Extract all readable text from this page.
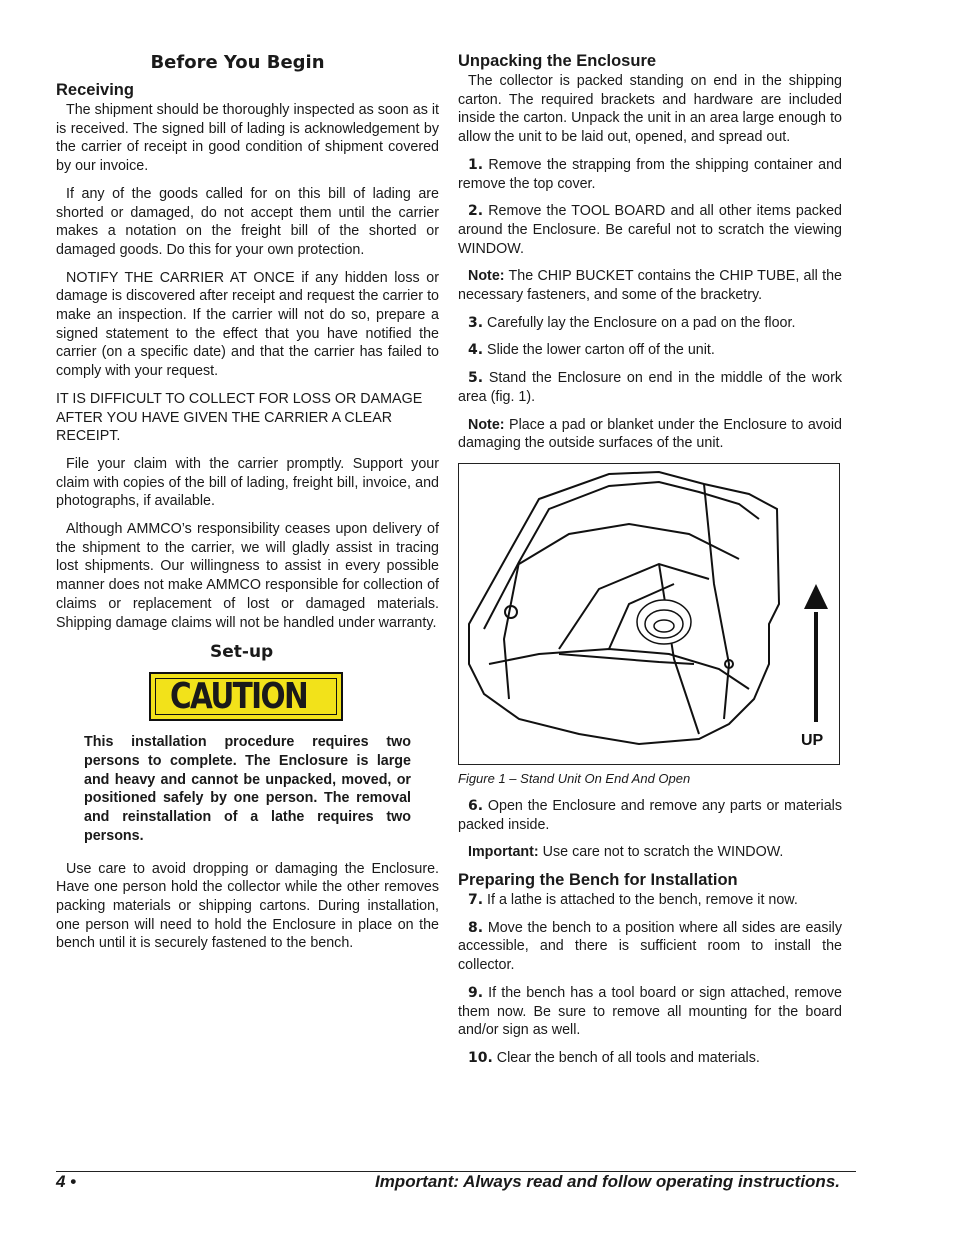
Before You Begin
Receiving

The shipment should be thoroughly inspected as soon as it is received. The signed bill of lading is acknowledgement by the carrier of receipt in good condition of shipment covered by our invoice.

If any of the goods called for on this bill of lading are shorted or damaged, do not accept them until the carrier makes a notation on the freight bill of the shorted or damaged goods. Do this for your own protection.

NOTIFY THE CARRIER AT ONCE if any hidden loss or damage is discovered after receipt and request the carrier to make an inspection. If the carrier will not do so, prepare a signed statement to the effect that you have notified the carrier (on a specific date) and that the carrier has failed to comply with your request.

IT IS DIFFICULT TO COLLECT FOR LOSS OR DAMAGE AFTER YOU HAVE GIVEN THE CARRIER A CLEAR RECEIPT.

File your claim with the carrier promptly. Support your claim with copies of the bill of lading, freight bill, invoice, and photographs, if available.

Although AMMCO’s responsibility ceases upon delivery of the shipment to the carrier, we will gladly assist in tracing lost shipments. Our willingness to assist in every possible manner does not make AMMCO responsible for collection of claims or replacement of lost or damaged materials. Shipping damage claims will not be handled under warranty.

Set-up
CAUTION
This installation procedure requires two persons to complete. The Enclosure is large and heavy and cannot be unpacked, moved, or positioned safely by one person. The removal and reinstallation of a lathe requires two persons.

Use care to avoid dropping or damaging the Enclosure. Have one person hold the collector while the other removes packing materials or shipping cartons. During installation, one person will need to hold the Enclosure in place on the bench until it is securely fastened to the bench.

Unpacking the Enclosure

The collector is packed standing on end in the shipping carton. The required brackets and hardware are included inside the carton. Unpack the unit in an area large enough to allow the unit to be laid out, opened, and spread out.

1. Remove the strapping from the shipping container and remove the top cover.

2. Remove the TOOL BOARD and all other items packed around the Enclosure. Be careful not to scratch the viewing WINDOW.

Note: The CHIP BUCKET contains the CHIP TUBE, all the necessary fasteners, and some of the bracketry.

3. Carefully lay the Enclosure on a pad on the floor.

4. Slide the lower carton off of the unit.

5. Stand the Enclosure on end in the middle of the work area (fig. 1).

Note: Place a pad or blanket under the Enclosure to avoid damaging the outside surfaces of the unit.

UP
Figure 1 – Stand Unit On End And Open

6. Open the Enclosure and remove any parts or materials packed inside.

Important: Use care not to scratch the WINDOW.

Preparing the Bench for Installation

7. If a lathe is attached to the bench, remove it now.

8. Move the bench to a position where all sides are easily accessible, and there is sufficient room to install the collector.

9. If the bench has a tool board or sign attached, remove them now. Be sure to remove all mounting for the board and/or sign as well.

10. Clear the bench of all tools and materials.

4 •	Important: Always read and follow operating instructions.
